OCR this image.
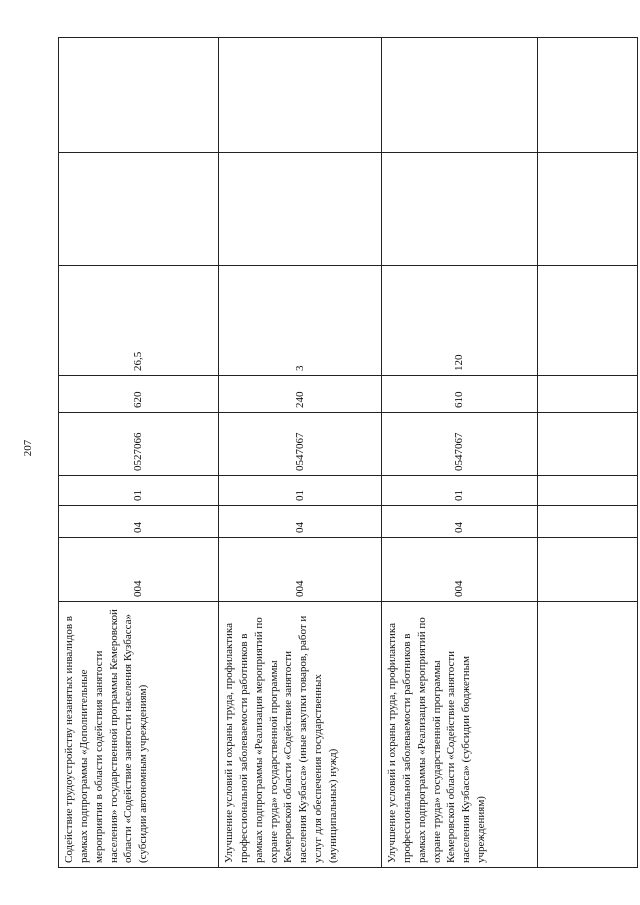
207
Содействие трудоустройству незанятых инвалидов в рамках подпрограммы «Дополнительные мероприятия в области содействия занятости населения» государственной программы Кемеровской области «Содействие занятости населения Кузбасса» (субсидии автономным учреждениям)	004	04	01	0527066	620	26,5		
Улучшение условий и охраны труда, профилактика профессиональной заболеваемости работников в рамках подпрограммы «Реализация мероприятий по охране труда» государственной программы Кемеровской области «Содействие занятости населения Кузбасса» (иные закупки товаров, работ и услуг для обеспечения государственных (муниципальных) нужд)	004	04	01	0547067	240	3		
Улучшение условий и охраны труда, профилактика профессиональной заболеваемости работников в рамках подпрограммы «Реализация мероприятий по охране труда» государственной программы Кемеровской области «Содействие занятости населения Кузбасса» (субсидии бюджетным учреждениям)	004	04	01	0547067	610	120		
